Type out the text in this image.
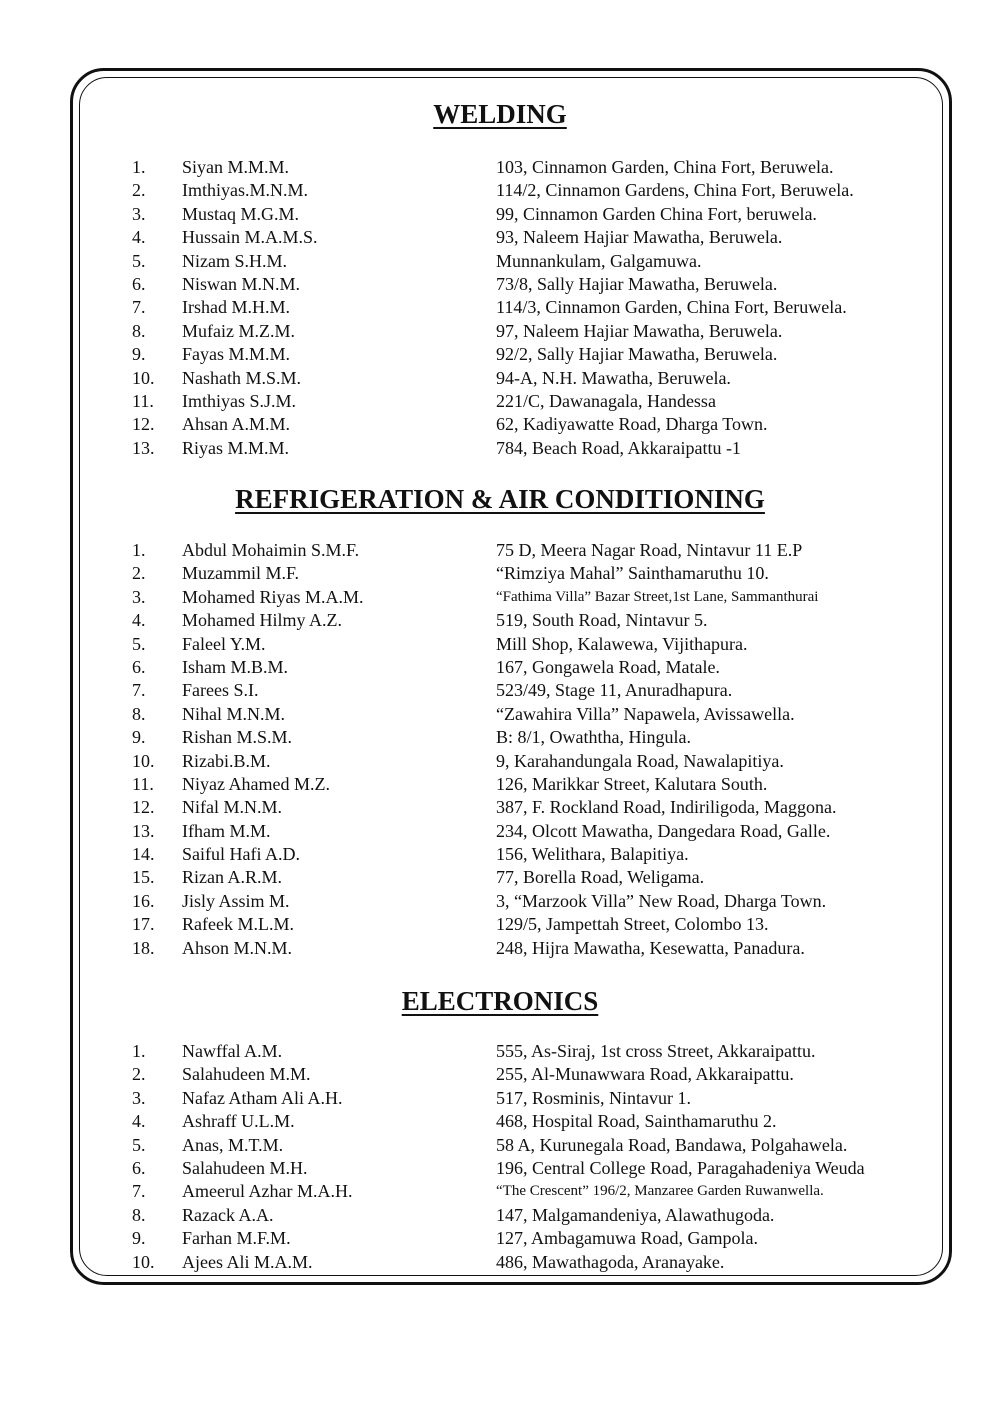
WELDING
1. Siyan M.M.M.	103, Cinnamon Garden, China Fort, Beruwela.
2. Imthiyas.M.N.M.	114/2, Cinnamon Gardens, China Fort, Beruwela.
3. Mustaq M.G.M.	99, Cinnamon Garden China Fort, beruwela.
4. Hussain M.A.M.S.	93, Naleem Hajiar Mawatha, Beruwela.
5. Nizam S.H.M.	Munnankulam, Galgamuwa.
6. Niswan M.N.M.	73/8, Sally Hajiar Mawatha, Beruwela.
7. Irshad M.H.M.	114/3, Cinnamon Garden, China Fort, Beruwela.
8. Mufaiz M.Z.M.	97, Naleem Hajiar Mawatha, Beruwela.
9. Fayas M.M.M.	92/2, Sally Hajiar Mawatha, Beruwela.
10. Nashath M.S.M.	94-A, N.H. Mawatha, Beruwela.
11. Imthiyas S.J.M.	221/C, Dawanagala, Handessa
12. Ahsan A.M.M.	62, Kadiyawatte Road, Dharga Town.
13. Riyas M.M.M.	784, Beach Road, Akkaraipattu -1
REFRIGERATION & AIR CONDITIONING
1. Abdul Mohaimin S.M.F.	75 D, Meera Nagar Road, Nintavur 11 E.P
2. Muzammil M.F.	“Rimziya Mahal” Sainthamaruthu 10.
3. Mohamed Riyas M.A.M.	“Fathima Villa” Bazar Street,1st Lane, Sammanthurai
4. Mohamed Hilmy A.Z.	519, South Road, Nintavur 5.
5. Faleel Y.M.	Mill Shop, Kalawewa, Vijithapura.
6. Isham M.B.M.	167, Gongawela Road, Matale.
7. Farees S.I.	523/49, Stage 11, Anuradhapura.
8. Nihal M.N.M.	“Zawahira Villa” Napawela, Avissawella.
9. Rishan M.S.M.	B: 8/1, Owaththa, Hingula.
10. Rizabi.B.M.	9, Karahandungala Road, Nawalapitiya.
11. Niyaz Ahamed M.Z.	126, Marikkar Street, Kalutara South.
12. Nifal M.N.M.	387, F. Rockland Road, Indiriligoda, Maggona.
13. Ifham M.M.	234, Olcott Mawatha, Dangedara Road, Galle.
14. Saiful Hafi A.D.	156, Welithara, Balapitiya.
15. Rizan A.R.M.	77, Borella Road, Weligama.
16. Jisly Assim M.	3, “Marzook Villa” New Road, Dharga Town.
17. Rafeek M.L.M.	129/5, Jampettah Street, Colombo 13.
18. Ahson M.N.M.	248, Hijra Mawatha, Kesewatta, Panadura.
ELECTRONICS
1. Nawffal A.M.	555, As-Siraj, 1st cross Street, Akkaraipattu.
2. Salahudeen M.M.	255, Al-Munawwara Road, Akkaraipattu.
3. Nafaz Atham Ali A.H.	517, Rosminis, Nintavur 1.
4. Ashraff U.L.M.	468, Hospital Road, Sainthamaruthu 2.
5. Anas, M.T.M.	58 A, Kurunegala Road, Bandawa, Polgahawela.
6. Salahudeen M.H.	196, Central College Road, Paragahadeniya Weuda
7. Ameerul Azhar M.A.H.	“The Crescent” 196/2, Manzaree Garden Ruwanwella.
8. Razack A.A.	147, Malgamandeniya, Alawathugoda.
9. Farhan M.F.M.	127, Ambagamuwa Road, Gampola.
10. Ajees Ali M.A.M.	486, Mawathagoda, Aranayake.
